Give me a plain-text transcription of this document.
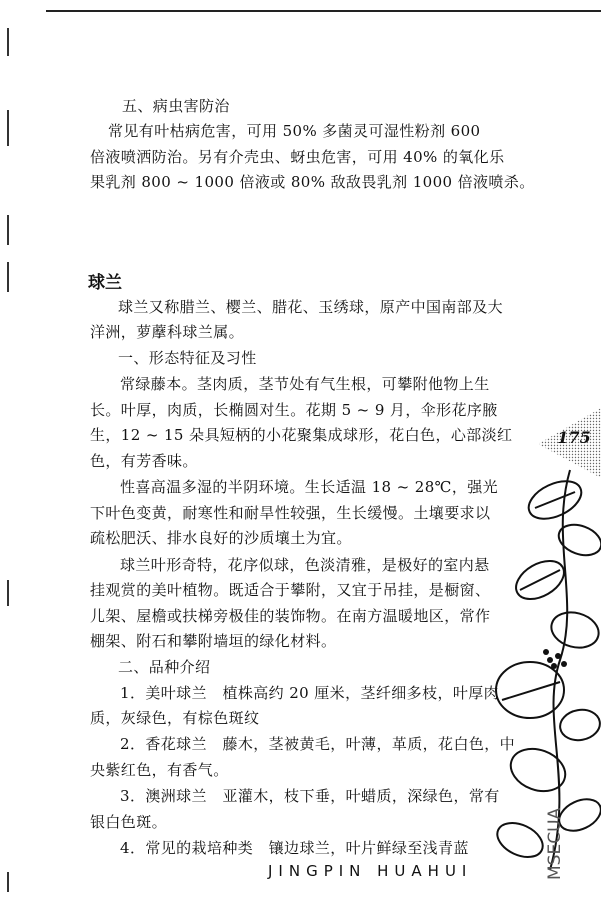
五、病虫害防治
常见有叶枯病危害，可用 50% 多菌灵可湿性粉剂 600
倍液喷洒防治。另有介壳虫、蚜虫危害，可用 40% 的氧化乐
果乳剂 800 ~ 1000 倍液或 80% 敌敌畏乳剂 1000 倍液喷杀。
球兰
球兰又称腊兰、樱兰、腊花、玉绣球，原产中国南部及大
洋洲，萝藦科球兰属。
一、形态特征及习性
常绿藤本。茎肉质，茎节处有气生根，可攀附他物上生
长。叶厚，肉质，长椭圆对生。花期 5 ~ 9 月，伞形花序腋
生，12 ~ 15 朵具短柄的小花聚集成球形，花白色，心部淡红
色，有芳香味。
性喜高温多湿的半阴环境。生长适温 18 ~ 28℃，强光
下叶色变黄，耐寒性和耐旱性较强，生长缓慢。土壤要求以
疏松肥沃、排水良好的沙质壤土为宜。
球兰叶形奇特，花序似球，色淡清雅，是极好的室内悬
挂观赏的美叶植物。既适合于攀附，又宜于吊挂，是橱窗、
儿架、屋檐或扶梯旁极佳的装饰物。在南方温暖地区，常作
棚架、附石和攀附墙垣的绿化材料。
二、品种介绍
1．美叶球兰   植株高约 20 厘米，茎纤细多枝，叶厚肉
质，灰绿色，有棕色斑纹
2．香花球兰   藤木，茎被黄毛，叶薄，革质，花白色，中
央紫红色，有香气。
3．澳洲球兰   亚灌木，枝下垂，叶蜡质，深绿色，常有
银白色斑。
4．常见的栽培种类   镶边球兰，叶片鲜绿至浅青蓝
175
JINGPIN HUAHUI	MSECUA
